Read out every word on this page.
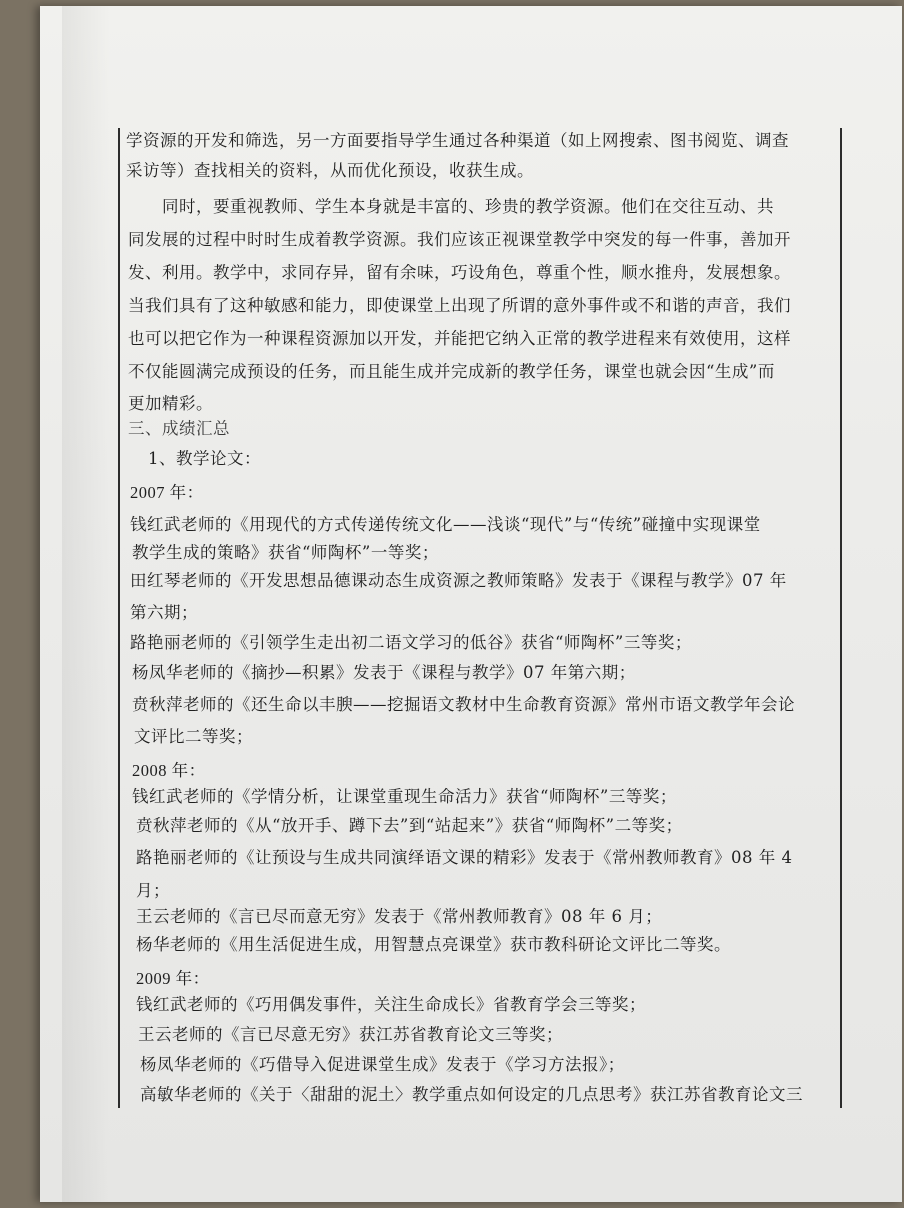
学资源的开发和筛选，另一方面要指导学生通过各种渠道（如上网搜索、图书阅览、调查
采访等）查找相关的资料，从而优化预设，收获生成。
同时，要重视教师、学生本身就是丰富的、珍贵的教学资源。他们在交往互动、共
同发展的过程中时时生成着教学资源。我们应该正视课堂教学中突发的每一件事，善加开
发、利用。教学中，求同存异，留有余味，巧设角色，尊重个性，顺水推舟，发展想象。
当我们具有了这种敏感和能力，即使课堂上出现了所谓的意外事件或不和谐的声音，我们
也可以把它作为一种课程资源加以开发，并能把它纳入正常的教学进程来有效使用，这样
不仅能圆满完成预设的任务，而且能生成并完成新的教学任务，课堂也就会因“生成”而
更加精彩。
三、成绩汇总
1、教学论文：
2007 年：
钱红武老师的《用现代的方式传递传统文化——浅谈“现代”与“传统”碰撞中实现课堂
教学生成的策略》获省“师陶杯”一等奖；
田红琴老师的《开发思想品德课动态生成资源之教师策略》发表于《课程与教学》07 年
第六期；
路艳丽老师的《引领学生走出初二语文学习的低谷》获省“师陶杯”三等奖；
杨凤华老师的《摘抄—积累》发表于《课程与教学》07 年第六期；
贲秋萍老师的《还生命以丰腴——挖掘语文教材中生命教育资源》常州市语文教学年会论
文评比二等奖；
2008 年：
钱红武老师的《学情分析，让课堂重现生命活力》获省“师陶杯”三等奖；
贲秋萍老师的《从“放开手、蹲下去”到“站起来”》获省“师陶杯”二等奖；
路艳丽老师的《让预设与生成共同演绎语文课的精彩》发表于《常州教师教育》08 年 4
月；
王云老师的《言已尽而意无穷》发表于《常州教师教育》08 年 6 月；
杨华老师的《用生活促进生成，用智慧点亮课堂》获市教科研论文评比二等奖。
2009 年：
钱红武老师的《巧用偶发事件，关注生命成长》省教育学会三等奖；
王云老师的《言已尽意无穷》获江苏省教育论文三等奖；
杨凤华老师的《巧借导入促进课堂生成》发表于《学习方法报》；
高敏华老师的《关于〈甜甜的泥土〉教学重点如何设定的几点思考》获江苏省教育论文三
